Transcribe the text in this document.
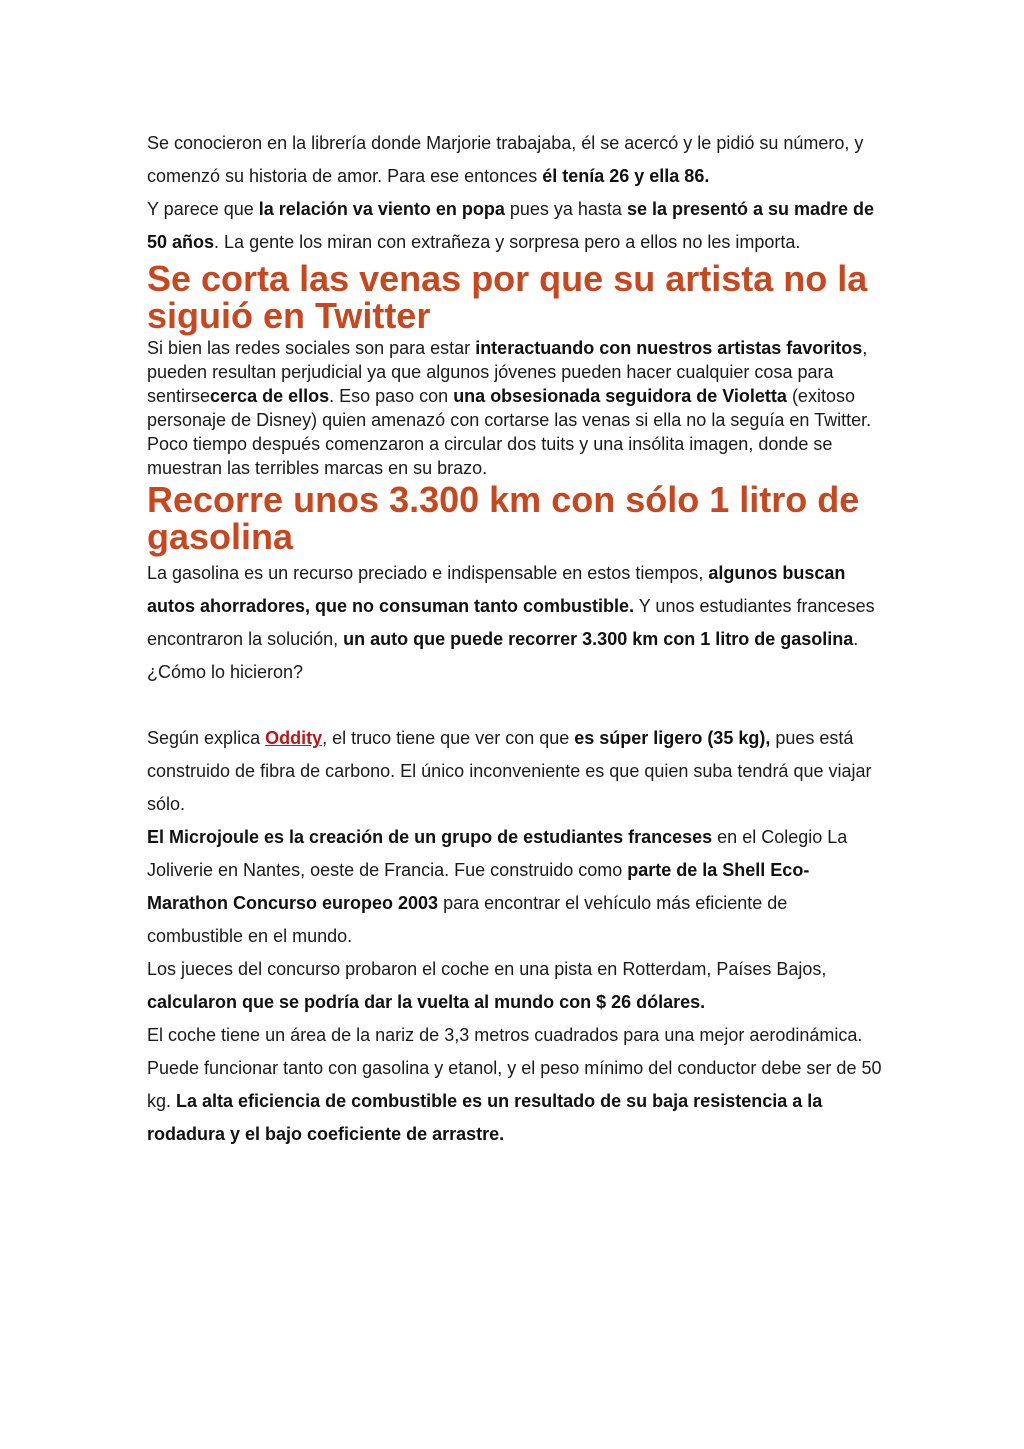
Se conocieron en la librería donde Marjorie trabajaba, él se acercó y le pidió su número, y comenzó su historia de amor. Para ese entonces él tenía 26 y ella 86.

Y parece que la relación va viento en popa pues ya hasta se la presentó a su madre de 50 años. La gente los miran con extrañeza y sorpresa pero a ellos no les importa.

Se corta las venas por que su artista no la siguió en Twitter

Si bien las redes sociales son para estar interactuando con nuestros artistas favoritos, pueden resultan perjudicial ya que algunos jóvenes pueden hacer cualquier cosa para sentirsecerca de ellos. Eso paso con una obsesionada seguidora de Violetta (exitoso personaje de Disney) quien amenazó con cortarse las venas si ella no la seguía en Twitter. Poco tiempo después comenzaron a circular dos tuits y una insólita imagen, donde se muestran las terribles marcas en su brazo.

Recorre unos 3.300 km con sólo 1 litro de gasolina

La gasolina es un recurso preciado e indispensable en estos tiempos, algunos buscan autos ahorradores, que no consuman tanto combustible. Y unos estudiantes franceses encontraron la solución, un auto que puede recorrer 3.300 km con 1 litro de gasolina. ¿Cómo lo hicieron?

Según explica Oddity, el truco tiene que ver con que es súper ligero (35 kg), pues está construido de fibra de carbono. El único inconveniente es que quien suba tendrá que viajar sólo.

El Microjoule es la creación de un grupo de estudiantes franceses en el Colegio La Joliverie en Nantes, oeste de Francia. Fue construido como parte de la Shell Eco-Marathon Concurso europeo 2003 para encontrar el vehículo más eficiente de combustible en el mundo.

Los jueces del concurso probaron el coche en una pista en Rotterdam, Países Bajos, calcularon que se podría dar la vuelta al mundo con $ 26 dólares.

El coche tiene un área de la nariz de 3,3 metros cuadrados para una mejor aerodinámica. Puede funcionar tanto con gasolina y etanol, y el peso mínimo del conductor debe ser de 50 kg. La alta eficiencia de combustible es un resultado de su baja resistencia a la rodadura y el bajo coeficiente de arrastre.
